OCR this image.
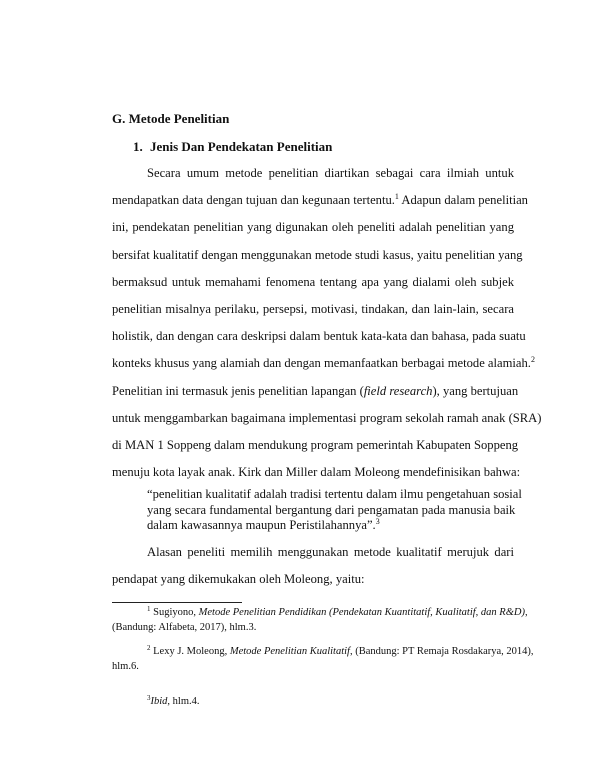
G. Metode Penelitian
1. Jenis Dan Pendekatan Penelitian
Secara umum metode penelitian diartikan sebagai cara ilmiah untuk
mendapatkan data dengan tujuan dan kegunaan tertentu.$^1$ Adapun dalam penelitian
ini, pendekatan penelitian yang digunakan oleh peneliti adalah penelitian yang
bersifat kualitatif dengan menggunakan metode studi kasus, yaitu penelitian yang
bermaksud untuk memahami fenomena tentang apa yang dialami oleh subjek
penelitian misalnya perilaku, persepsi, motivasi, tindakan, dan lain-lain, secara
holistik, dan dengan cara deskripsi dalam bentuk kata-kata dan bahasa, pada suatu
konteks khusus yang alamiah dan dengan memanfaatkan berbagai metode alamiah.$^2$
Penelitian ini termasuk jenis penelitian lapangan (field research), yang bertujuan
untuk menggambarkan bagaimana implementasi program sekolah ramah anak (SRA)
di MAN 1 Soppeng dalam mendukung program pemerintah Kabupaten Soppeng
menuju kota layak anak. Kirk dan Miller dalam Moleong mendefinisikan bahwa:
“penelitian kualitatif adalah tradisi tertentu dalam ilmu pengetahuan sosial
yang secara fundamental bergantung dari pengamatan pada manusia baik
dalam kawasannya maupun Peristilahannya”.$^3$
Alasan peneliti memilih menggunakan metode kualitatif merujuk dari
pendapat yang dikemukakan oleh Moleong, yaitu:
$^1$ Sugiyono, Metode Penelitian Pendidikan (Pendekatan Kuantitatif, Kualitatif, dan R&D),
(Bandung: Alfabeta, 2017), hlm.3.
$^2$ Lexy J. Moleong, Metode Penelitian Kualitatif, (Bandung: PT Remaja Rosdakarya, 2014),
hlm.6.
$^3$Ibid, hlm.4.
